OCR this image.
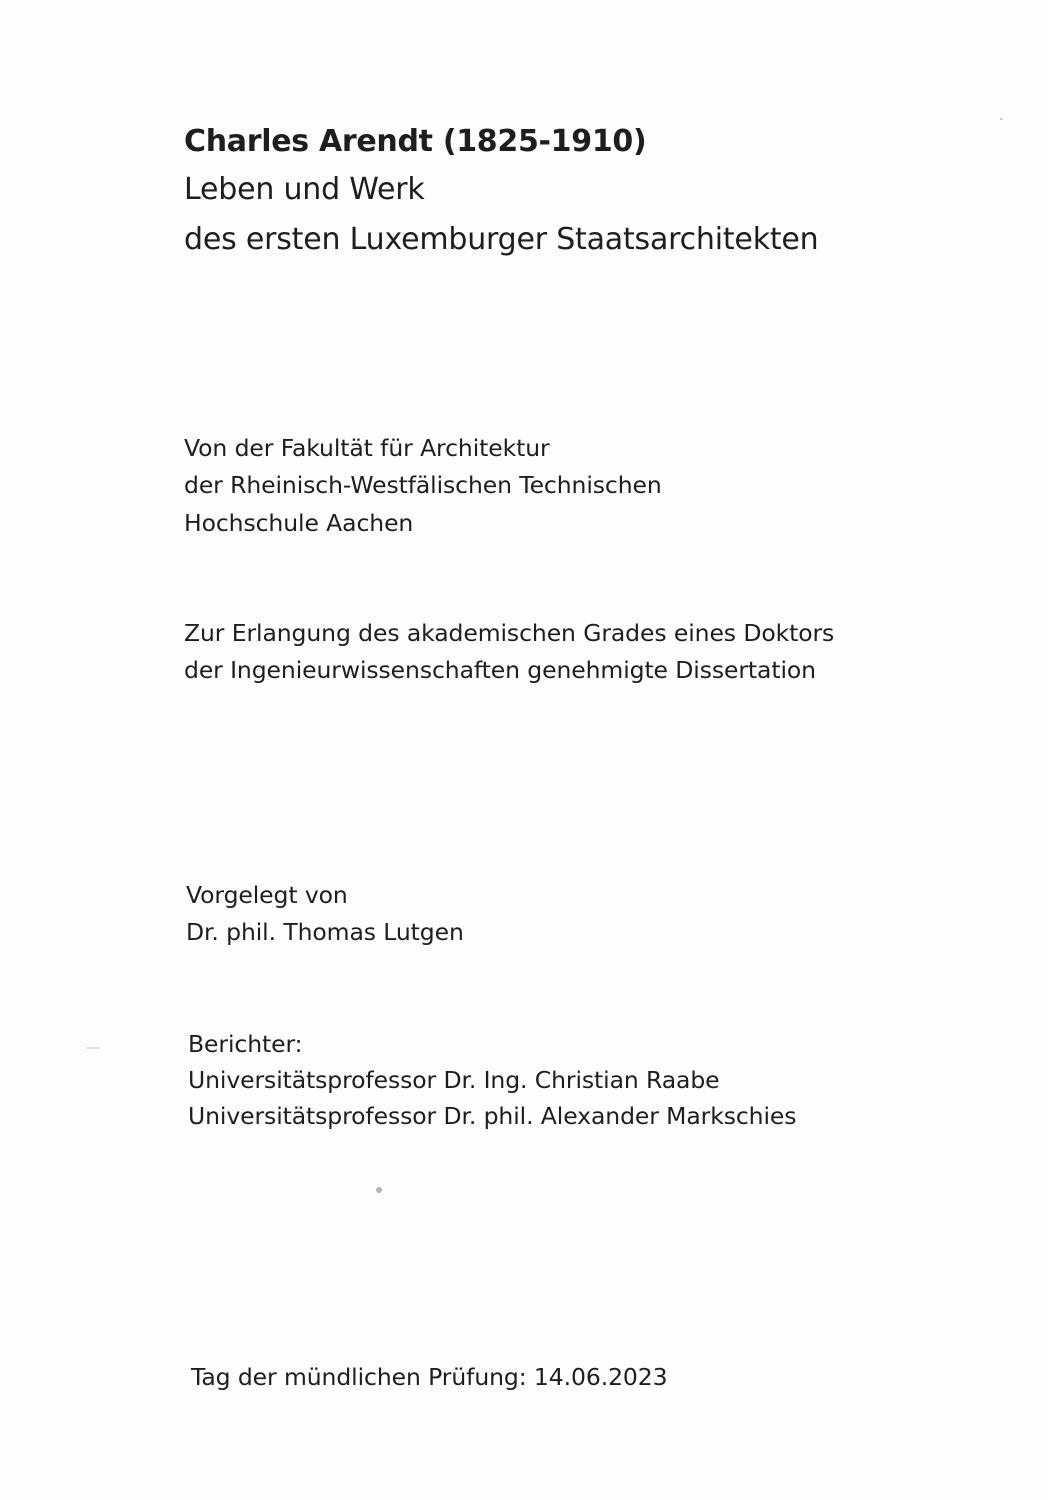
Charles Arendt (1825-1910)
Leben und Werk
des ersten Luxemburger Staatsarchitekten
Von der Fakultät für Architektur
der Rheinisch-Westfälischen Technischen
Hochschule Aachen
Zur Erlangung des akademischen Grades eines Doktors
der Ingenieurwissenschaften genehmigte Dissertation
Vorgelegt von
Dr. phil. Thomas Lutgen
Berichter:
Universitätsprofessor Dr. Ing. Christian Raabe
Universitätsprofessor Dr. phil. Alexander Markschies
Tag der mündlichen Prüfung: 14.06.2023
